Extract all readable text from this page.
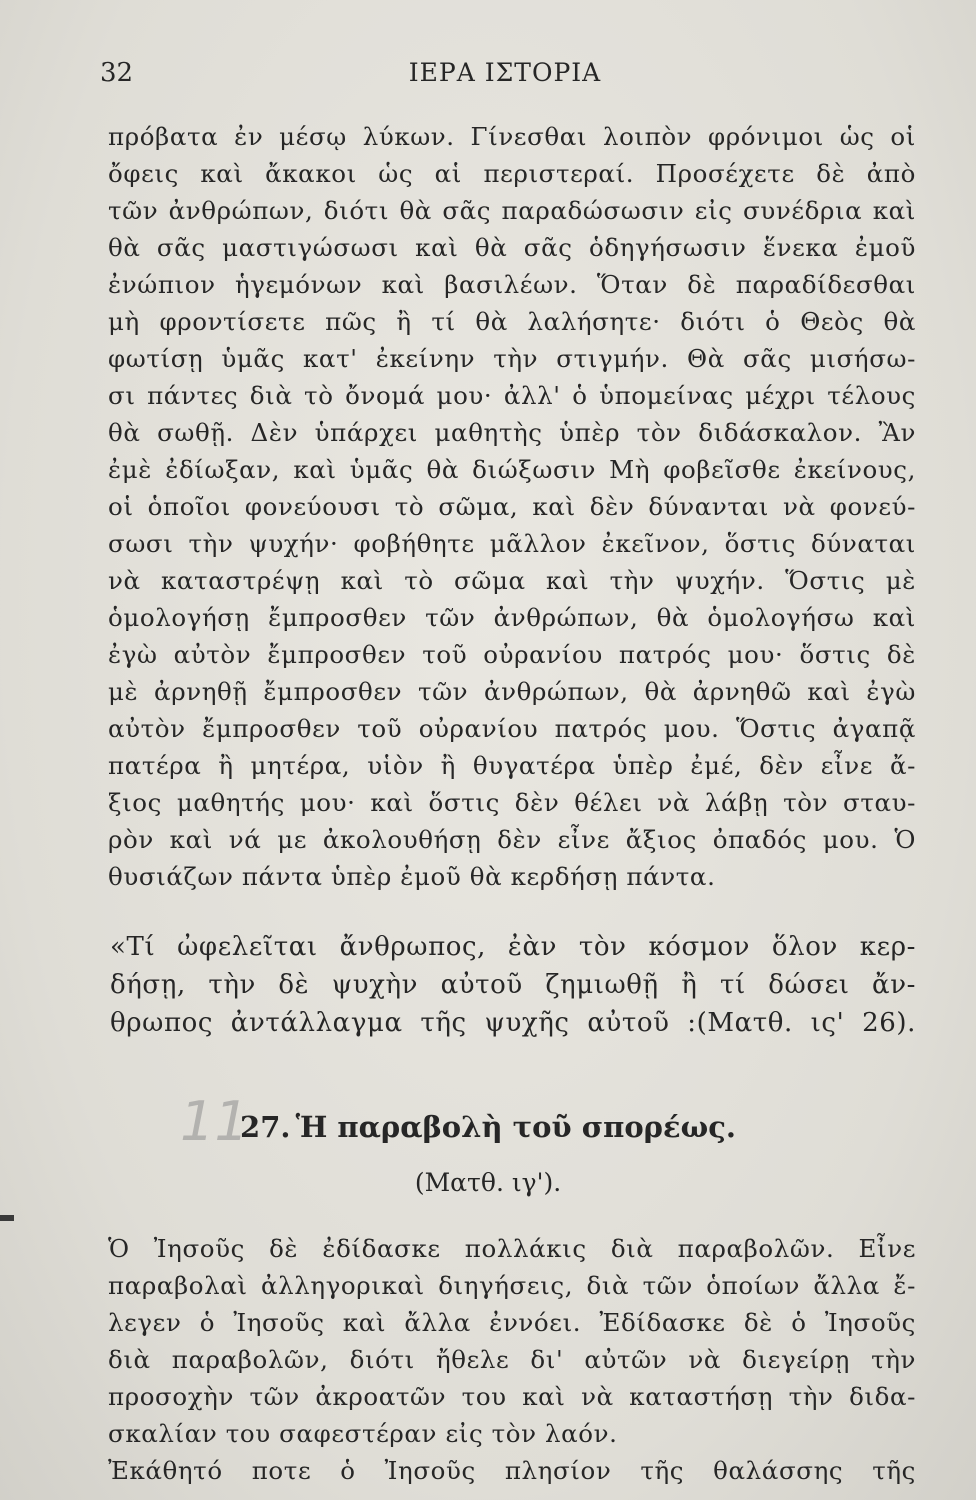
32	ΙΕΡΑ ΙΣΤΟΡΙΑ
πρόβατα ἐν μέσῳ λύκων. Γίνεσθαι λοιπὸν φρόνιμοι ὡς οἱ
ὄφεις καὶ ἄκακοι ὡς αἱ περιστεραί. Προσέχετε δὲ ἀπὸ
τῶν ἀνθρώπων, διότι θὰ σᾶς παραδώσωσιν εἰς συνέδρια καὶ
θὰ σᾶς μαστιγώσωσι καὶ θὰ σᾶς ὁδηγήσωσιν ἕνεκα ἐμοῦ
ἐνώπιον ἡγεμόνων καὶ βασιλέων. Ὅταν δὲ παραδίδεσθαι
μὴ φροντίσετε πῶς ἢ τί θὰ λαλήσητε· διότι ὁ Θεὸς θὰ
φωτίσῃ ὑμᾶς κατ' ἐκείνην τὴν στιγμήν. Θὰ σᾶς μισήσω-
σι πάντες διὰ τὸ ὄνομά μου· ἀλλ' ὁ ὑπομείνας μέχρι τέλους
θὰ σωθῇ. Δὲν ὑπάρχει μαθητὴς ὑπὲρ τὸν διδάσκαλον. Ἂν
ἐμὲ ἐδίωξαν, καὶ ὑμᾶς θὰ διώξωσιν Μὴ φοβεῖσθε ἐκείνους,
οἱ ὁποῖοι φονεύουσι τὸ σῶμα, καὶ δὲν δύνανται νὰ φονεύ-
σωσι τὴν ψυχήν· φοβήθητε μᾶλλον ἐκεῖνον, ὅστις δύναται
νὰ καταστρέψῃ καὶ τὸ σῶμα καὶ τὴν ψυχήν. Ὅστις μὲ
ὁμολογήσῃ ἔμπροσθεν τῶν ἀνθρώπων, θὰ ὁμολογήσω καὶ
ἐγὼ αὐτὸν ἔμπροσθεν τοῦ οὐρανίου πατρός μου· ὅστις δὲ
μὲ ἀρνηθῇ ἔμπροσθεν τῶν ἀνθρώπων, θὰ ἀρνηθῶ καὶ ἐγὼ
αὐτὸν ἔμπροσθεν τοῦ οὐρανίου πατρός μου. Ὅστις ἀγαπᾷ
πατέρα ἢ μητέρα, υἱὸν ἢ θυγατέρα ὑπὲρ ἐμέ, δὲν εἶνε ἄ-
ξιος μαθητής μου· καὶ ὅστις δὲν θέλει νὰ λάβῃ τὸν σταυ-
ρὸν καὶ νά με ἀκολουθήσῃ δὲν εἶνε ἄξιος ὀπαδός μου. Ὁ
θυσιάζων πάντα ὑπὲρ ἐμοῦ θὰ κερδήσῃ πάντα.
«Τί ὠφελεῖται ἄνθρωπος, ἐὰν τὸν κόσμον ὅλον κερ-
δήσῃ, τὴν δὲ ψυχὴν αὐτοῦ ζημιωθῇ ἢ τί δώσει ἄν-
θρωπος ἀντάλλαγμα τῆς ψυχῆς αὐτοῦ :(Ματθ. ις' 26).
11
27. Ἡ παραβολὴ τοῦ σπορέως.
(Ματθ. ιγ').
Ὁ Ἰησοῦς δὲ ἐδίδασκε πολλάκις διὰ παραβολῶν. Εἶνε
παραβολαὶ ἀλληγορικαὶ διηγήσεις, διὰ τῶν ὁποίων ἄλλα ἔ-
λεγεν ὁ Ἰησοῦς καὶ ἄλλα ἐννόει. Ἐδίδασκε δὲ ὁ Ἰησοῦς
διὰ παραβολῶν, διότι ἤθελε δι' αὐτῶν νὰ διεγείρῃ τὴν
προσοχὴν τῶν ἀκροατῶν του καὶ νὰ καταστήσῃ τὴν διδα-
σκαλίαν του σαφεστέραν εἰς τὸν λαόν.
Ἐκάθητό ποτε ὁ Ἰησοῦς πλησίον τῆς θαλάσσης τῆς
